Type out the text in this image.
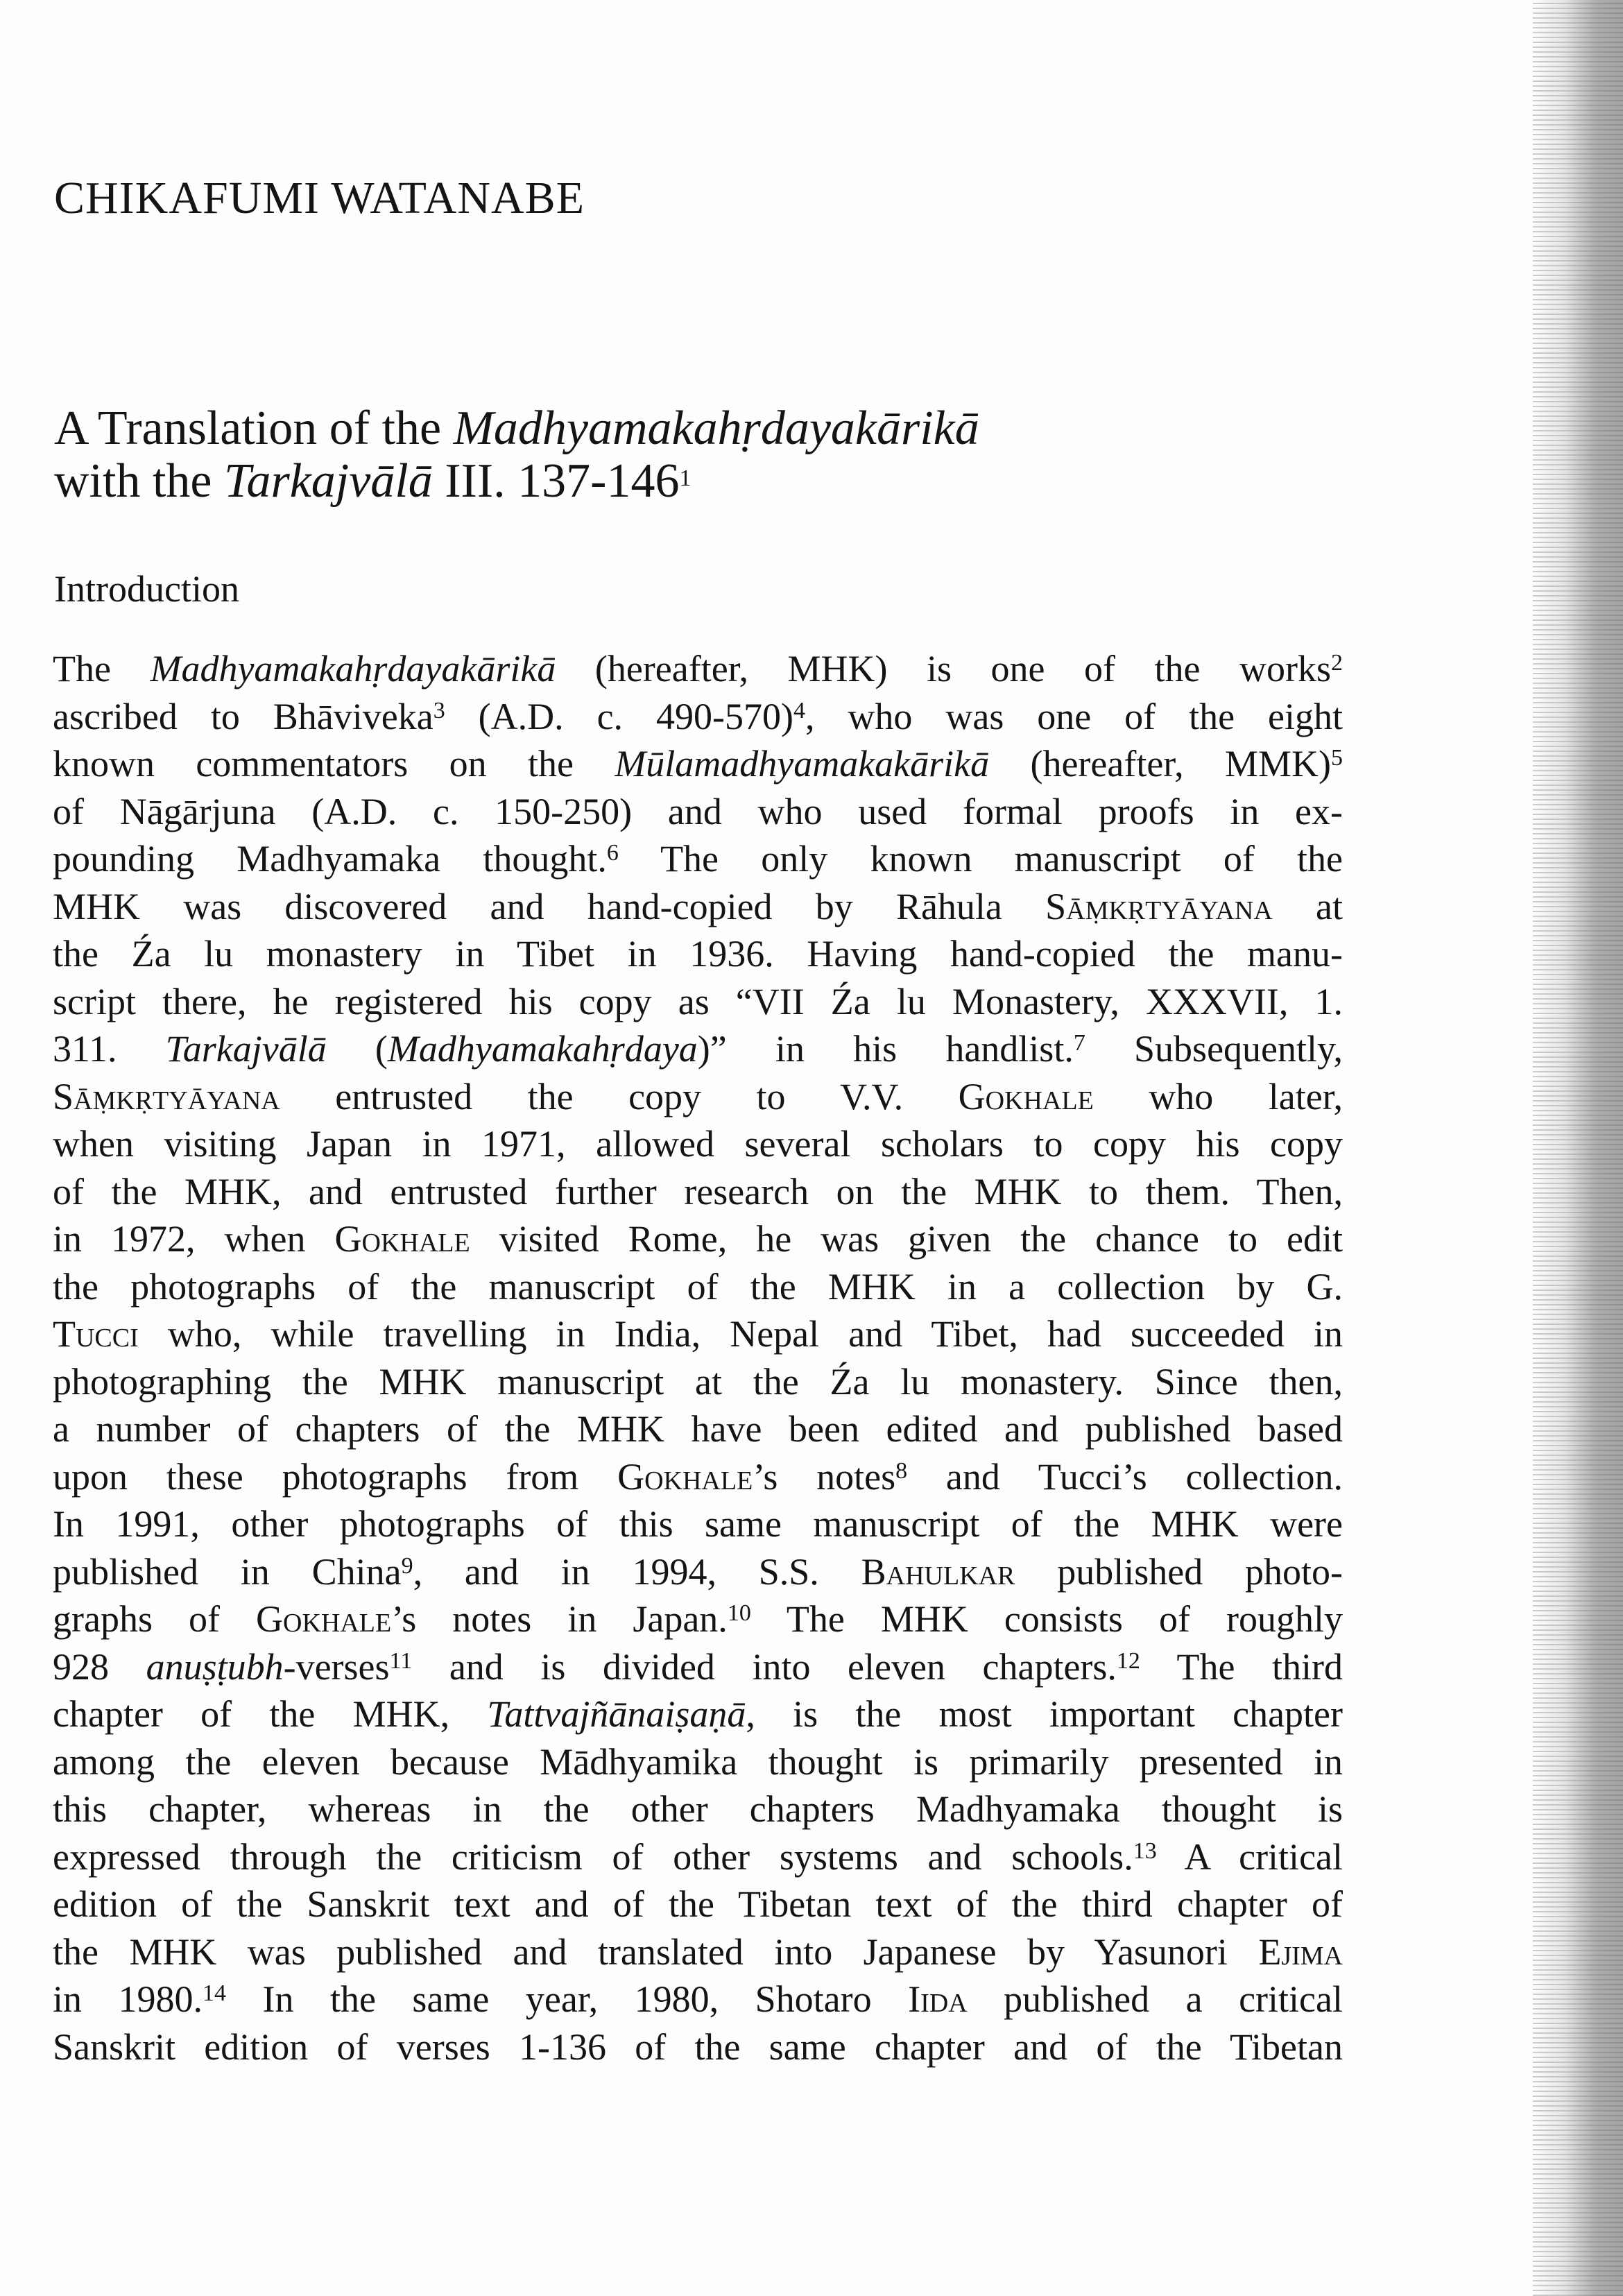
CHIKAFUMI WATANABE
A Translation of the Madhyamakahṛdayakārikā
with the Tarkajvālā III. 137-146$^1$
Introduction
The Madhyamakahṛdayakārikā (hereafter, MHK) is one of the works$^2$
ascribed to Bhāviveka$^3$ (A.D. c. 490-570)$^4$, who was one of the eight
known commentators on the Mūlamadhyamakakārikā (hereafter, MMK)$^5$
of Nāgārjuna (A.D. c. 150-250) and who used formal proofs in ex-
pounding Madhyamaka thought.$^6$ The only known manuscript of the
MHK was discovered and hand-copied by Rāhula Sāṃkṛtyāyana at
the Źa lu monastery in Tibet in 1936. Having hand-copied the manu-
script there, he registered his copy as “VII Źa lu Monastery, XXXVII, 1.
311. Tarkajvālā (Madhyamakahṛdaya)” in his handlist.$^7$ Subsequently,
Sāṃkṛtyāyana entrusted the copy to V.V. Gokhale who later,
when visiting Japan in 1971, allowed several scholars to copy his copy
of the MHK, and entrusted further research on the MHK to them. Then,
in 1972, when Gokhale visited Rome, he was given the chance to edit
the photographs of the manuscript of the MHK in a collection by G.
Tucci who, while travelling in India, Nepal and Tibet, had succeeded in
photographing the MHK manuscript at the Źa lu monastery. Since then,
a number of chapters of the MHK have been edited and published based
upon these photographs from Gokhale’s notes$^8$ and Tucci’s collection.
In 1991, other photographs of this same manuscript of the MHK were
published in China$^9$, and in 1994, S.S. Bahulkar published photo-
graphs of Gokhale’s notes in Japan.$^{10}$ The MHK consists of roughly
928 anuṣṭubh-verses$^{11}$ and is divided into eleven chapters.$^{12}$ The third
chapter of the MHK, Tattvajñānaiṣaṇā, is the most important chapter
among the eleven because Mādhyamika thought is primarily presented in
this chapter, whereas in the other chapters Madhyamaka thought is
expressed through the criticism of other systems and schools.$^{13}$ A critical
edition of the Sanskrit text and of the Tibetan text of the third chapter of
the MHK was published and translated into Japanese by Yasunori Ejima
in 1980.14 In the same year, 1980, Shotaro Iida published a critical
Sanskrit edition of verses 1-136 of the same chapter and of the Tibetan
